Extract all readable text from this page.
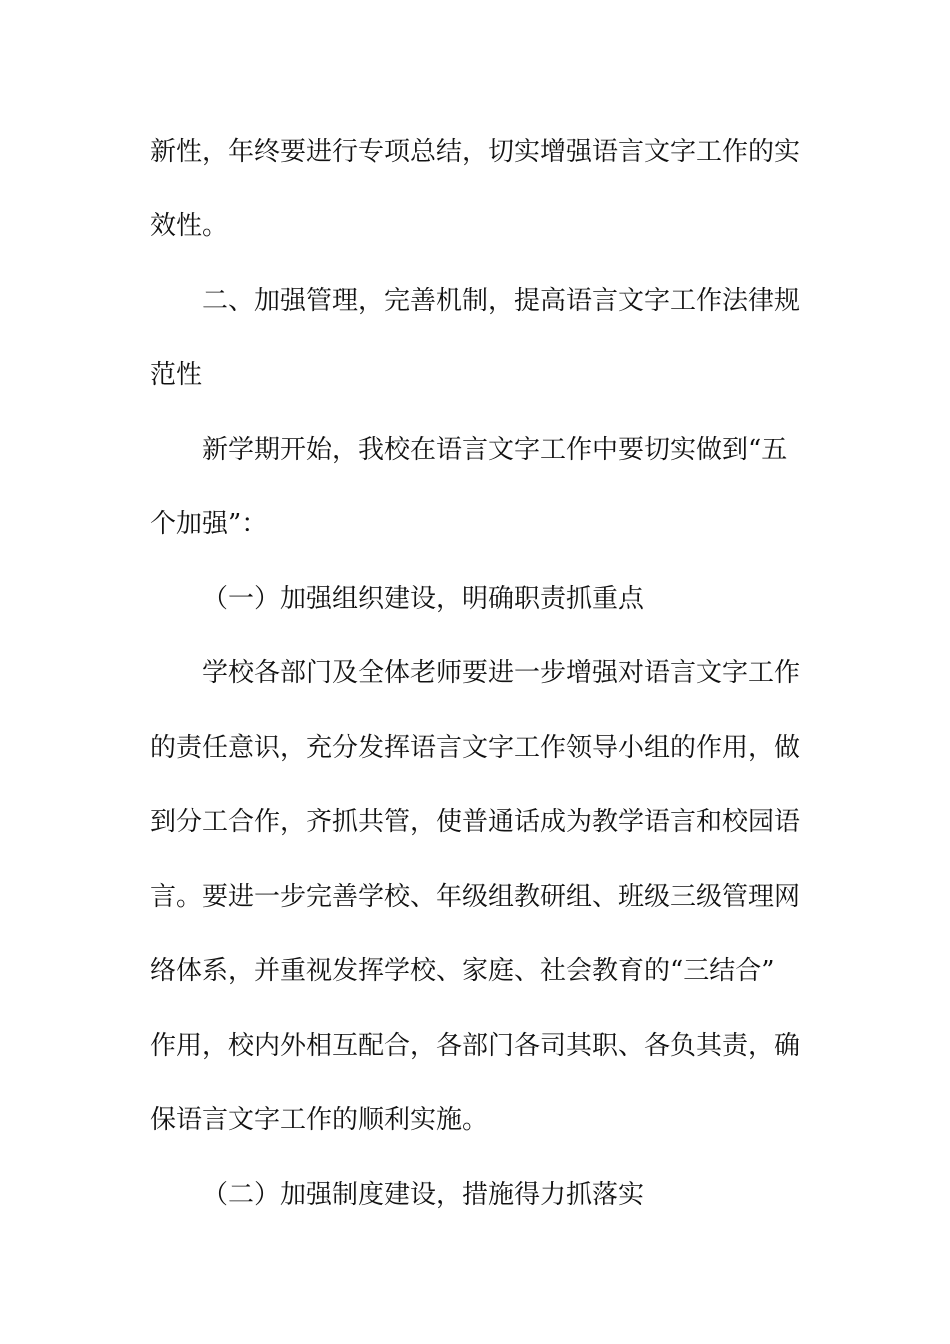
新性，年终要进行专项总结，切实增强语言文字工作的实
效性。
二、加强管理，完善机制，提高语言文字工作法律规
范性
新学期开始，我校在语言文字工作中要切实做到“五
个加强”：
（一）加强组织建设，明确职责抓重点
学校各部门及全体老师要进一步增强对语言文字工作
的责任意识，充分发挥语言文字工作领导小组的作用，做
到分工合作，齐抓共管，使普通话成为教学语言和校园语
言。要进一步完善学校、年级组教研组、班级三级管理网
络体系，并重视发挥学校、家庭、社会教育的“三结合”
作用，校内外相互配合，各部门各司其职、各负其责，确
保语言文字工作的顺利实施。
（二）加强制度建设，措施得力抓落实
